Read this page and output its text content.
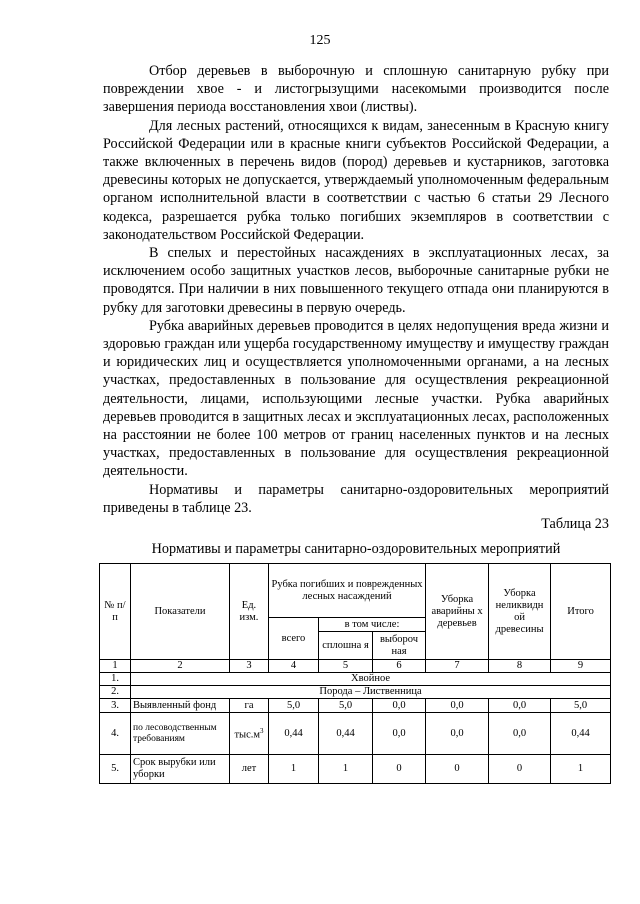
125

Отбор деревьев в выборочную и сплошную санитарную рубку при повреждении хвое - и листогрызущими насекомыми производится после завершения периода восстановления хвои (листвы).

Для лесных растений, относящихся к видам, занесенным в Красную книгу Российской Федерации или в красные книги субъектов Российской Федерации, а также включенных в перечень видов (пород) деревьев и кустарников, заготовка древесины которых не допускается, утверждаемый уполномоченным федеральным органом исполнительной власти в соответствии с частью 6 статьи 29 Лесного кодекса, разрешается рубка только погибших экземпляров в соответствии с законодательством Российской Федерации.

В спелых и перестойных насаждениях в эксплуатационных лесах, за исключением особо защитных участков лесов, выборочные санитарные рубки не проводятся. При наличии в них повышенного текущего отпада они планируются в рубку для заготовки древесины в первую очередь.

Рубка аварийных деревьев проводится в целях недопущения вреда жизни и здоровью граждан или ущерба государственному имуществу и имуществу граждан и юридических лиц и осуществляется уполномоченными органами, а на лесных участках, предоставленных в пользование для осуществления рекреационной деятельности, лицами, использующими лесные участки. Рубка аварийных деревьев проводится в защитных лесах и эксплуатационных лесах, расположенных на расстоянии не более 100 метров от границ населенных пунктов и на лесных участках, предоставленных в пользование для осуществления рекреационной деятельности.

Нормативы и параметры санитарно-оздоровительных мероприятий приведены в таблице 23.

Таблица 23
Нормативы и параметры санитарно-оздоровительных мероприятий
№ п/п	Показатели	Ед. изм.	Рубка погибших и поврежденных лесных насаждений			Уборка аварийны х деревьев	Уборка неликвидн ой древесины	Итого
			всего	в том числе:				
				сплошна я	выбороч ная			
1	2	3	4	5	6	7	8	9
1.	Хвойное							
2.	Порода – Лиственница							
3.	Выявленный фонд	га	5,0	5,0	0,0	0,0	0,0	5,0
4.	по лесоводственным требованиям	$тыс.м^3$	0,44	0,44	0,0	0,0	0,0	0,44
5.	Срок вырубки или уборки	лет	1	1	0	0	0	1
